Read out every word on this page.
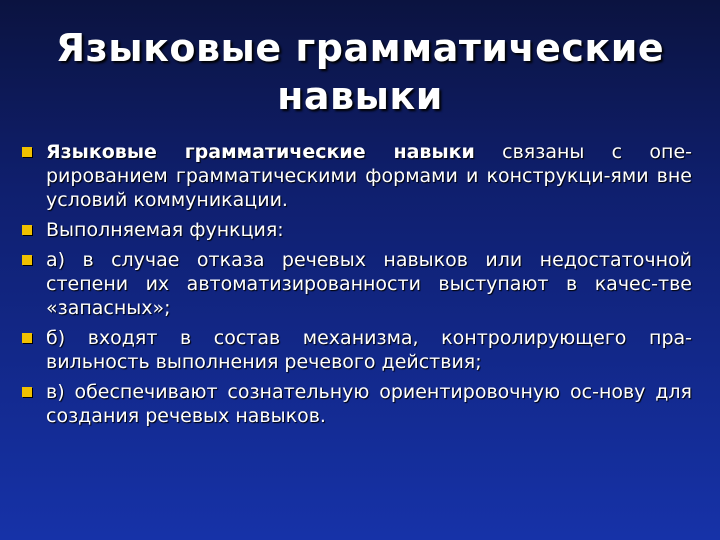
Языковые грамматические навыки
Языковые грамматические навыки связаны с опе-рированием грамматическими формами и конструкци-ями вне условий коммуникации.
Выполняемая функция:
а) в случае отказа речевых навыков или недостаточной степени их автоматизированности выступают в качес-тве «запасных»;
б) входят в состав механизма, контролирующего пра-вильность выполнения речевого действия;
в) обеспечивают сознательную ориентировочную ос-нову для создания речевых навыков.
